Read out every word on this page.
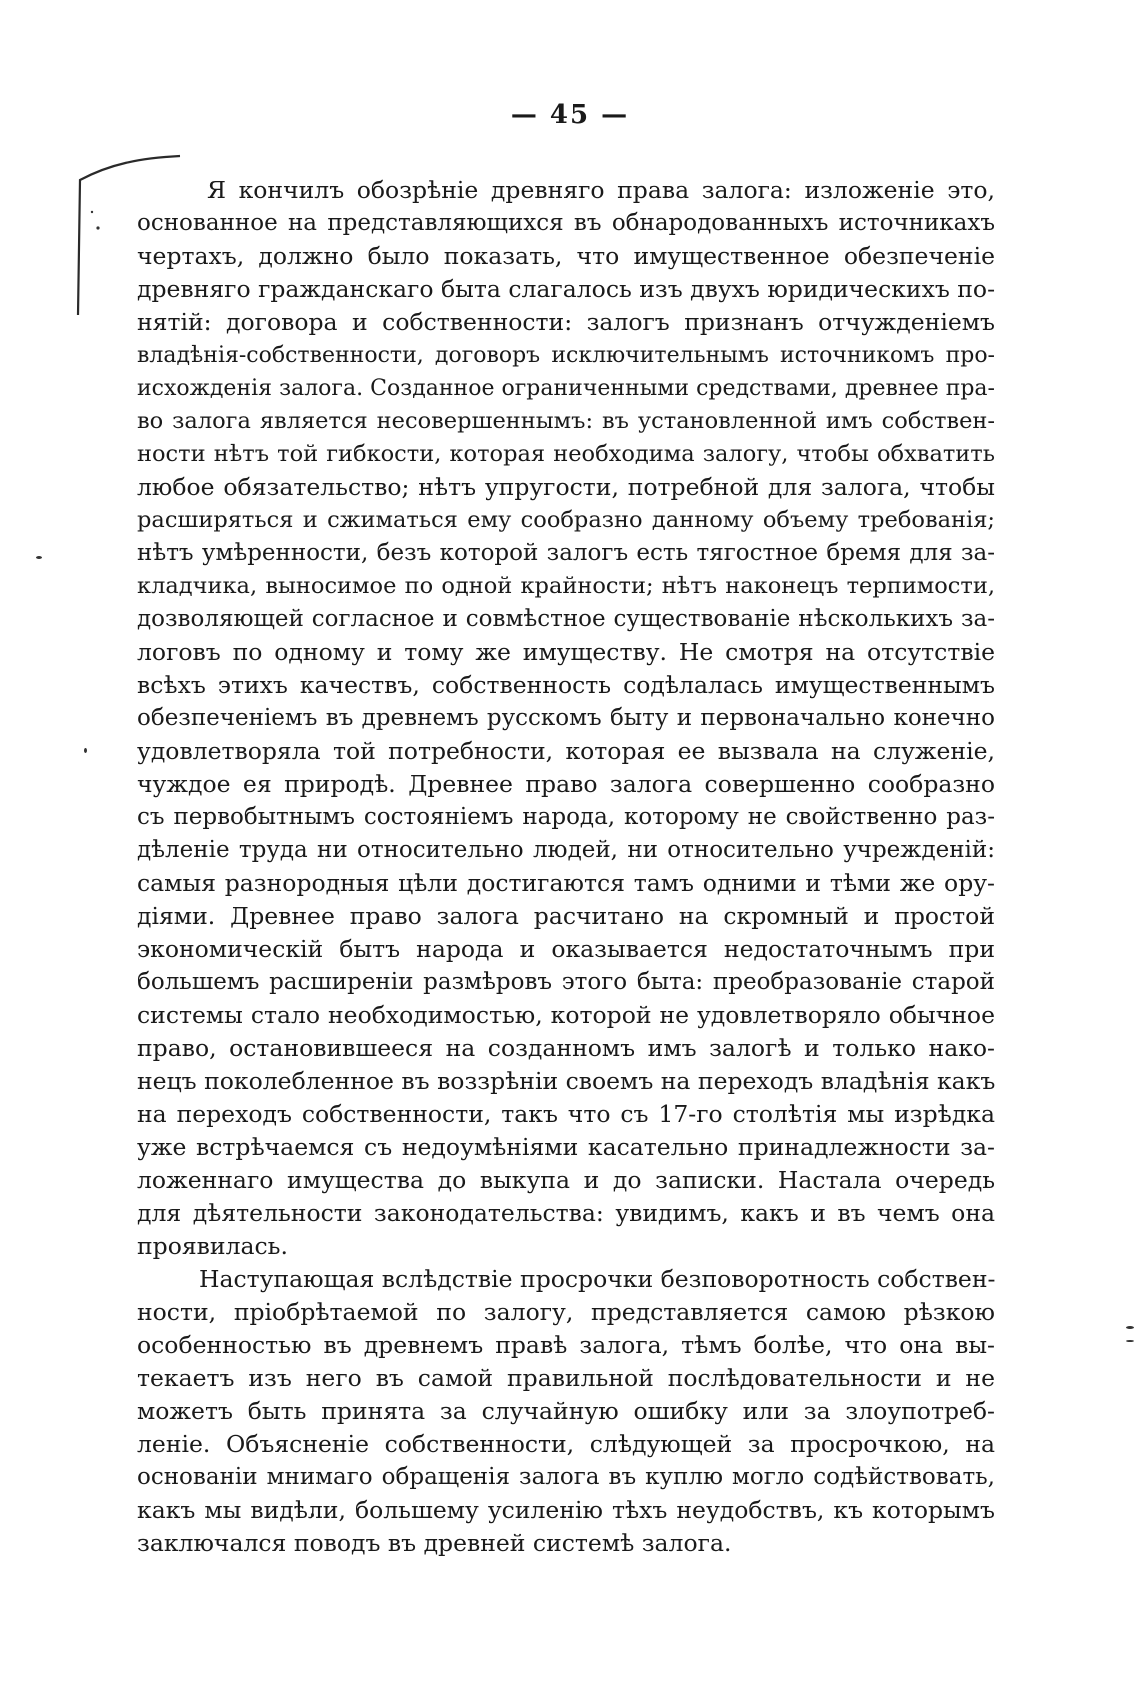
— 45 —
Я кончилъ обозрѣніе древняго права залога: изложеніе это,
основанное на представляющихся въ обнародованныхъ источникахъ
чертахъ, должно было показать, что имущественное обезпеченіе
древняго гражданскаго быта слагалось изъ двухъ юридическихъ по-
нятій: договора и собственности: залогъ признанъ отчужденіемъ
владѣнія-собственности, договоръ исключительнымъ источникомъ про-
исхожденія залога. Созданное ограниченными средствами, древнее пра-
во залога является несовершеннымъ: въ установленной имъ собствен-
ности нѣтъ той гибкости, которая необходима залогу, чтобы обхватить
любое обязательство; нѣтъ упругости, потребной для залога, чтобы
расширяться и сжиматься ему сообразно данному объему требованія;
нѣтъ умѣренности, безъ которой залогъ есть тягостное бремя для за-
кладчика, выносимое по одной крайности; нѣтъ наконецъ терпимости,
дозволяющей согласное и совмѣстное существованіе нѣсколькихъ за-
логовъ по одному и тому же имуществу. Не смотря на отсутствіе
всѣхъ этихъ качествъ, собственность содѣлалась имущественнымъ
обезпеченіемъ въ древнемъ русскомъ быту и первоначально конечно
удовлетворяла той потребности, которая ее вызвала на служеніе,
чуждое ея природѣ. Древнее право залога совершенно сообразно
съ первобытнымъ состояніемъ народа, которому не свойственно раз-
дѣленіе труда ни относительно людей, ни относительно учрежденій:
самыя разнородныя цѣли достигаются тамъ одними и тѣми же ору-
діями. Древнее право залога расчитано на скромный и простой
экономическій бытъ народа и оказывается недостаточнымъ при
большемъ расширеніи размѣровъ этого быта: преобразованіе старой
системы стало необходимостью, которой не удовлетворяло обычное
право, остановившееся на созданномъ имъ залогѣ и только нако-
нецъ поколебленное въ воззрѣніи своемъ на переходъ владѣнія какъ
на переходъ собственности, такъ что съ 17-го столѣтія мы изрѣдка
уже встрѣчаемся съ недоумѣніями касательно принадлежности за-
ложеннаго имущества до выкупа и до записки. Настала очередь
для дѣятельности законодательства: увидимъ, какъ и въ чемъ она
проявилась.
Наступающая вслѣдствіе просрочки безповоротность собствен-
ности, пріобрѣтаемой по залогу, представляется самою рѣзкою
особенностью въ древнемъ правѣ залога, тѣмъ болѣе, что она вы-
текаетъ изъ него въ самой правильной послѣдовательности и не
можетъ быть принята за случайную ошибку или за злоупотреб-
леніе. Объясненіе собственности, слѣдующей за просрочкою, на
основаніи мнимаго обращенія залога въ куплю могло содѣйствовать,
какъ мы видѣли, большему усиленію тѣхъ неудобствъ, къ которымъ
заключался поводъ въ древней системѣ залога.
